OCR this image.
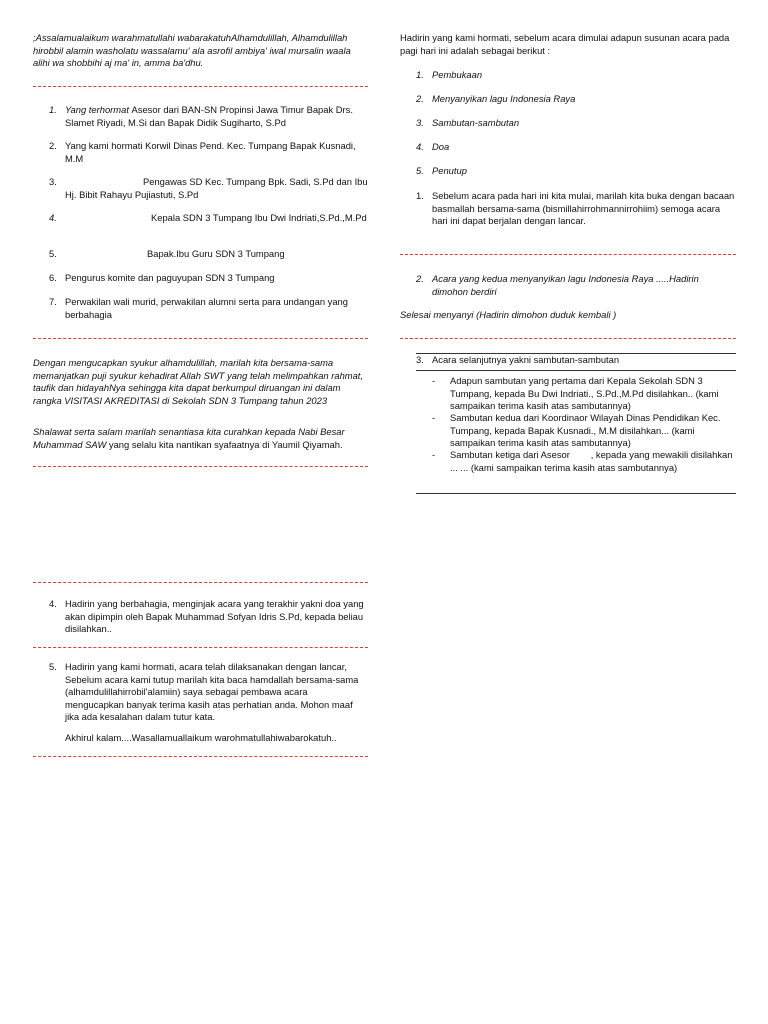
;Assalamualaikum warahmatullahi wabarakatuhAlhamdulillah, Alhamdulillah hirobbil alamin washolatu wassalamu' ala asrofil ambiya' iwal mursalin waala alihi wa shobbihi aj ma' in, amma ba'dhu.
1. Yang terhormat Asesor dari BAN-SN Propinsi Jawa Timur Bapak Drs. Slamet Riyadi, M.Si dan Bapak Didik Sugiharto, S.Pd
2. Yang kami hormati Korwil Dinas Pend. Kec. Tumpang Bapak Kusnadi, M.M
3.	Pengawas SD Kec. Tumpang Bpk. Sadi, S.Pd dan Ibu Hj. Bibit Rahayu Pujiastuti, S.Pd
4.	Kepala SDN 3 Tumpang Ibu Dwi Indriati,S.Pd.,M.Pd
5.	Bapak.Ibu Guru SDN 3 Tumpang
6. Pengurus komite dan paguyupan SDN 3 Tumpang
7. Perwakilan wali murid, perwakilan alumni serta para undangan yang berbahagia
Dengan mengucapkan syukur alhamdulillah, marilah kita bersama-sama memanjatkan puji syukur kehadirat Allah SWT yang telah melimpahkan rahmat, taufik dan hidayahNya sehingga kita dapat berkumpul diruangan ini dalam rangka VISITASI AKREDITASI di Sekolah SDN 3 Tumpang tahun 2023
Shalawat serta salam marilah senantiasa kita curahkan kepada Nabi Besar Muhammad SAW yang selalu kita nantikan syafaatnya di Yaumil Qiyamah.
4. Hadirin yang berbahagia, menginjak acara yang terakhir yakni doa yang akan dipimpin oleh Bapak Muhammad Sofyan Idris S.Pd, kepada beliau disilahkan..
5. Hadirin yang kami hormati, acara telah dilaksanakan dengan lancar, Sebelum acara kami tutup marilah kita baca hamdallah bersama-sama (alhamdulillahirrobil'alamiin) saya sebagai pembawa acara mengucapkan banyak terima kasih atas perhatian anda. Mohon maaf jika ada kesalahan dalam tutur kata.
Akhirul kalam....Wasallamuallaikum warohmatullahiwabarokatuh..
Hadirin yang kami hormati, sebelum acara dimulai adapun susunan acara pada pagi hari ini adalah sebagai berikut :
1. Pembukaan
2. Menyanyikan lagu Indonesia Raya
3. Sambutan-sambutan
4. Doa
5. Penutup
1. Sebelum acara pada hari ini kita mulai, marilah kita buka dengan bacaan basmallah bersama-sama (bismillahirrohmannirrohiim) semoga acara hari ini dapat berjalan dengan lancar.
2. Acara yang kedua menyanyikan lagu Indonesia Raya .....Hadirin dimohon berdiri
Selesai menyanyi (Hadirin dimohon duduk kembali )
3. Acara selanjutnya yakni sambutan-sambutan
- Adapun sambutan yang pertama dari Kepala Sekolah SDN 3 Tumpang, kepada Bu Dwi Indriati., S.Pd.,M.Pd disilahkan.. (kami sampaikan terima kasih atas sambutannya)
- Sambutan kedua dari Koordinaor Wilayah Dinas Pendidikan Kec. Tumpang, kepada Bapak Kusnadi., M.M disilahkan... (kami sampaikan terima kasih atas sambutannya)
- Sambutan ketiga dari Asesor        , kepada yang mewakili disilahkan ... ... (kami sampaikan terima kasih atas sambutannya)
